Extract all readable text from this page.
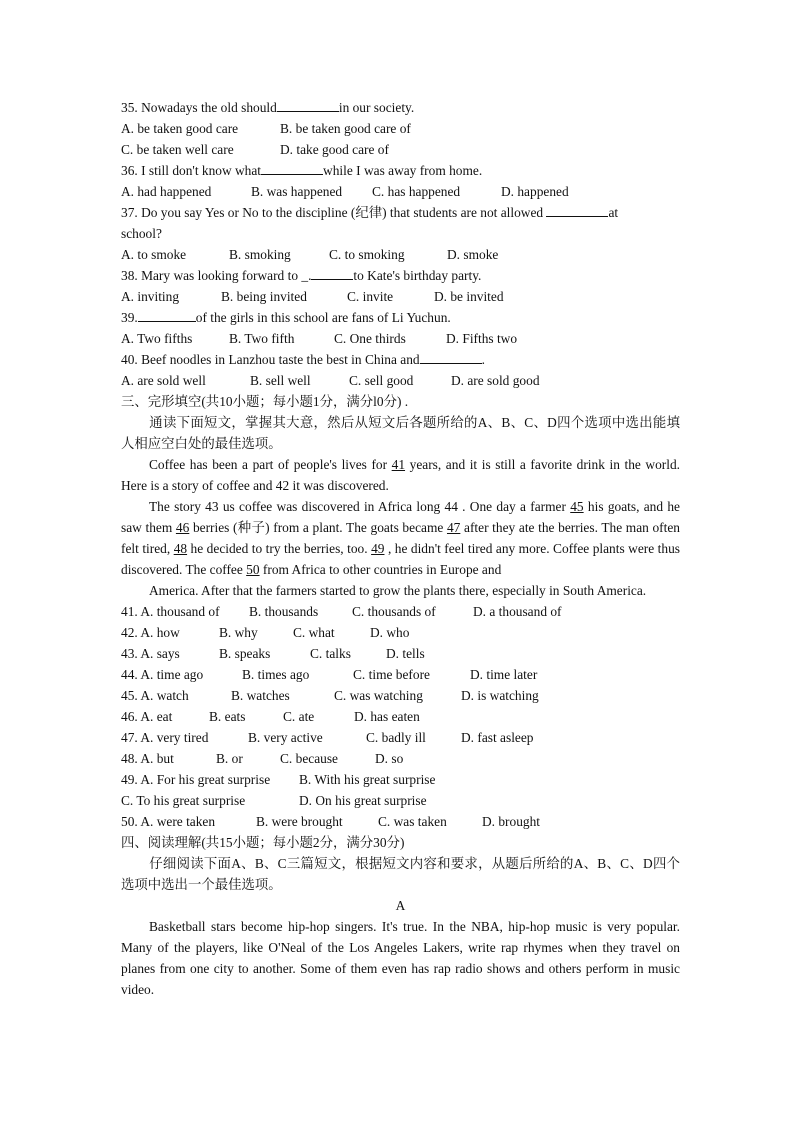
35. Nowadays the old should	in our society.
A. be taken good care	B. be taken good care of
C. be taken well care	D. take good care of
36. I still don't know what	while I was away from home.
A. had happened	B. was happened C. has happened	D. happened
37. Do you say Yes or No to the discipline (纪律) that students are not allowed	at
school?
A. to smoke	B. smoking	C. to smoking	D. smoke
38. Mary was looking forward to _.	to Kate's birthday party.
A. inviting	B. being invited	C. invite	D. be invited
39.	of the girls in this school are fans of Li Yuchun.
A. Two fifths	B. Two fifth	C. One thirds	D. Fifths two
40. Beef noodles in Lanzhou taste the best in China and	.
A. are sold well	B. sell well	C. sell good	D. are sold good
三、完形填空(共10小题；每小题1分，满分l0分) .
通读下面短文，掌握其大意，然后从短文后各题所给的A、B、C、D四个选项中选出能填人相应空白处的最佳选项。
Coffee has been a part of people's lives for 41 years, and it is still a favorite drink in the world. Here is a story of coffee and 42 it was discovered.
The story 43 us coffee was discovered in Africa long 44 . One day a farmer 45 his goats, and he saw them 46 berries (种子) from a plant. The goats became 47 after they ate the berries. The man often felt tired, 48 he decided to try the berries, too. 49 , he didn't feel tired any more. Coffee plants were thus discovered. The coffee 50 from Africa to other countries in Europe and
America. After that the farmers started to grow the plants there, especially in South America.
41. A. thousand of B. thousands	C. thousands of	D. a thousand of
42. A. how	B. why	C. what	D. who
43. A. says	B. speaks	C. talks	D. tells
44. A. time ago	B. times ago	C. time before	D. time later
45. A. watch	B. watches	C. was watching	D. is watching
46. A. eat	B. eats	C. ate	D. has eaten
47. A. very tired	B. very active	C. badly ill	D. fast asleep
48. A. but	B. or	C. because	D. so
49. A. For his great surprise B. With his great surprise
C. To his great surprise	D. On his great surprise
50. A. were taken	B. were brought	C. was taken	D. brought
四、阅读理解(共15小题；每小题2分，满分30分)
仔细阅读下面A、B、C三篇短文，根据短文内容和要求，从题后所给的A、B、C、D四个选项中选出一个最佳选项。
A
Basketball stars become hip-hop singers. It's true. In the NBA, hip-hop music is very popular. Many of the players, like O'Neal of the Los Angeles Lakers, write rap rhymes when they travel on planes from one city to another. Some of them even has rap radio shows and others perform in music video.
